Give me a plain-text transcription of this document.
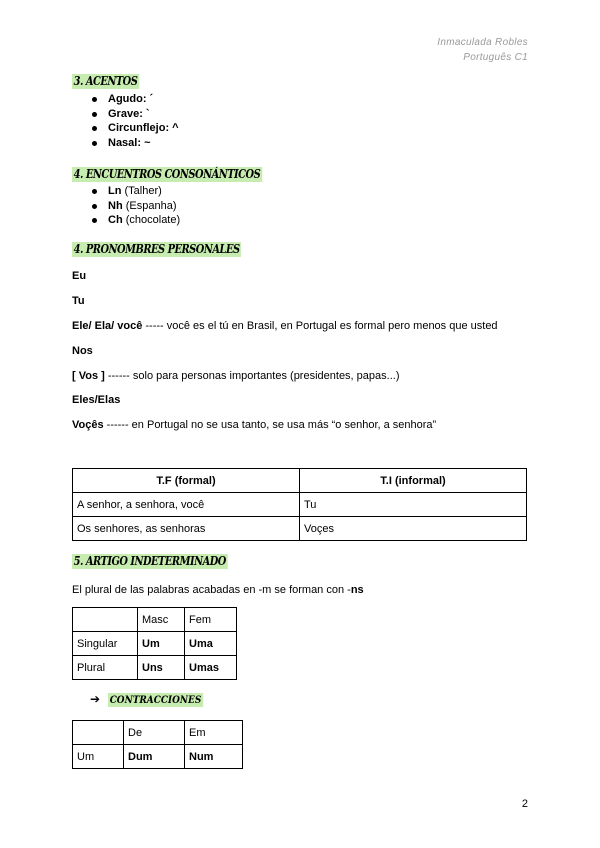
Inmaculada Robles
Português C1
3. ACENTOS
Agudo: ´
Grave: `
Circunflejo: ^
Nasal: ~
4. ENCUENTROS CONSONÁNTICOS
Ln (Talher)
Nh (Espanha)
Ch (chocolate)
4. PRONOMBRES PERSONALES
Eu
Tu
Ele/ Ela/ você ----- você es el tú en Brasil, en Portugal es formal pero menos que usted
Nos
[ Vos ] ------ solo para personas importantes (presidentes, papas...)
Eles/Elas
Voçês ------ en Portugal no se usa tanto, se usa más “o senhor, a senhora”
T.F (formal)	T.I (informal)
A senhor, a senhora, você	Tu
Os senhores, as senhoras	Voçes
5. ARTIGO INDETERMINADO
El plural de las palabras acabadas en -m se forman con -ns
	Masc	Fem
Singular	Um	Uma
Plural	Uns	Umas
➔ CONTRACCIONES
	De	Em
Um	Dum	Num
2
